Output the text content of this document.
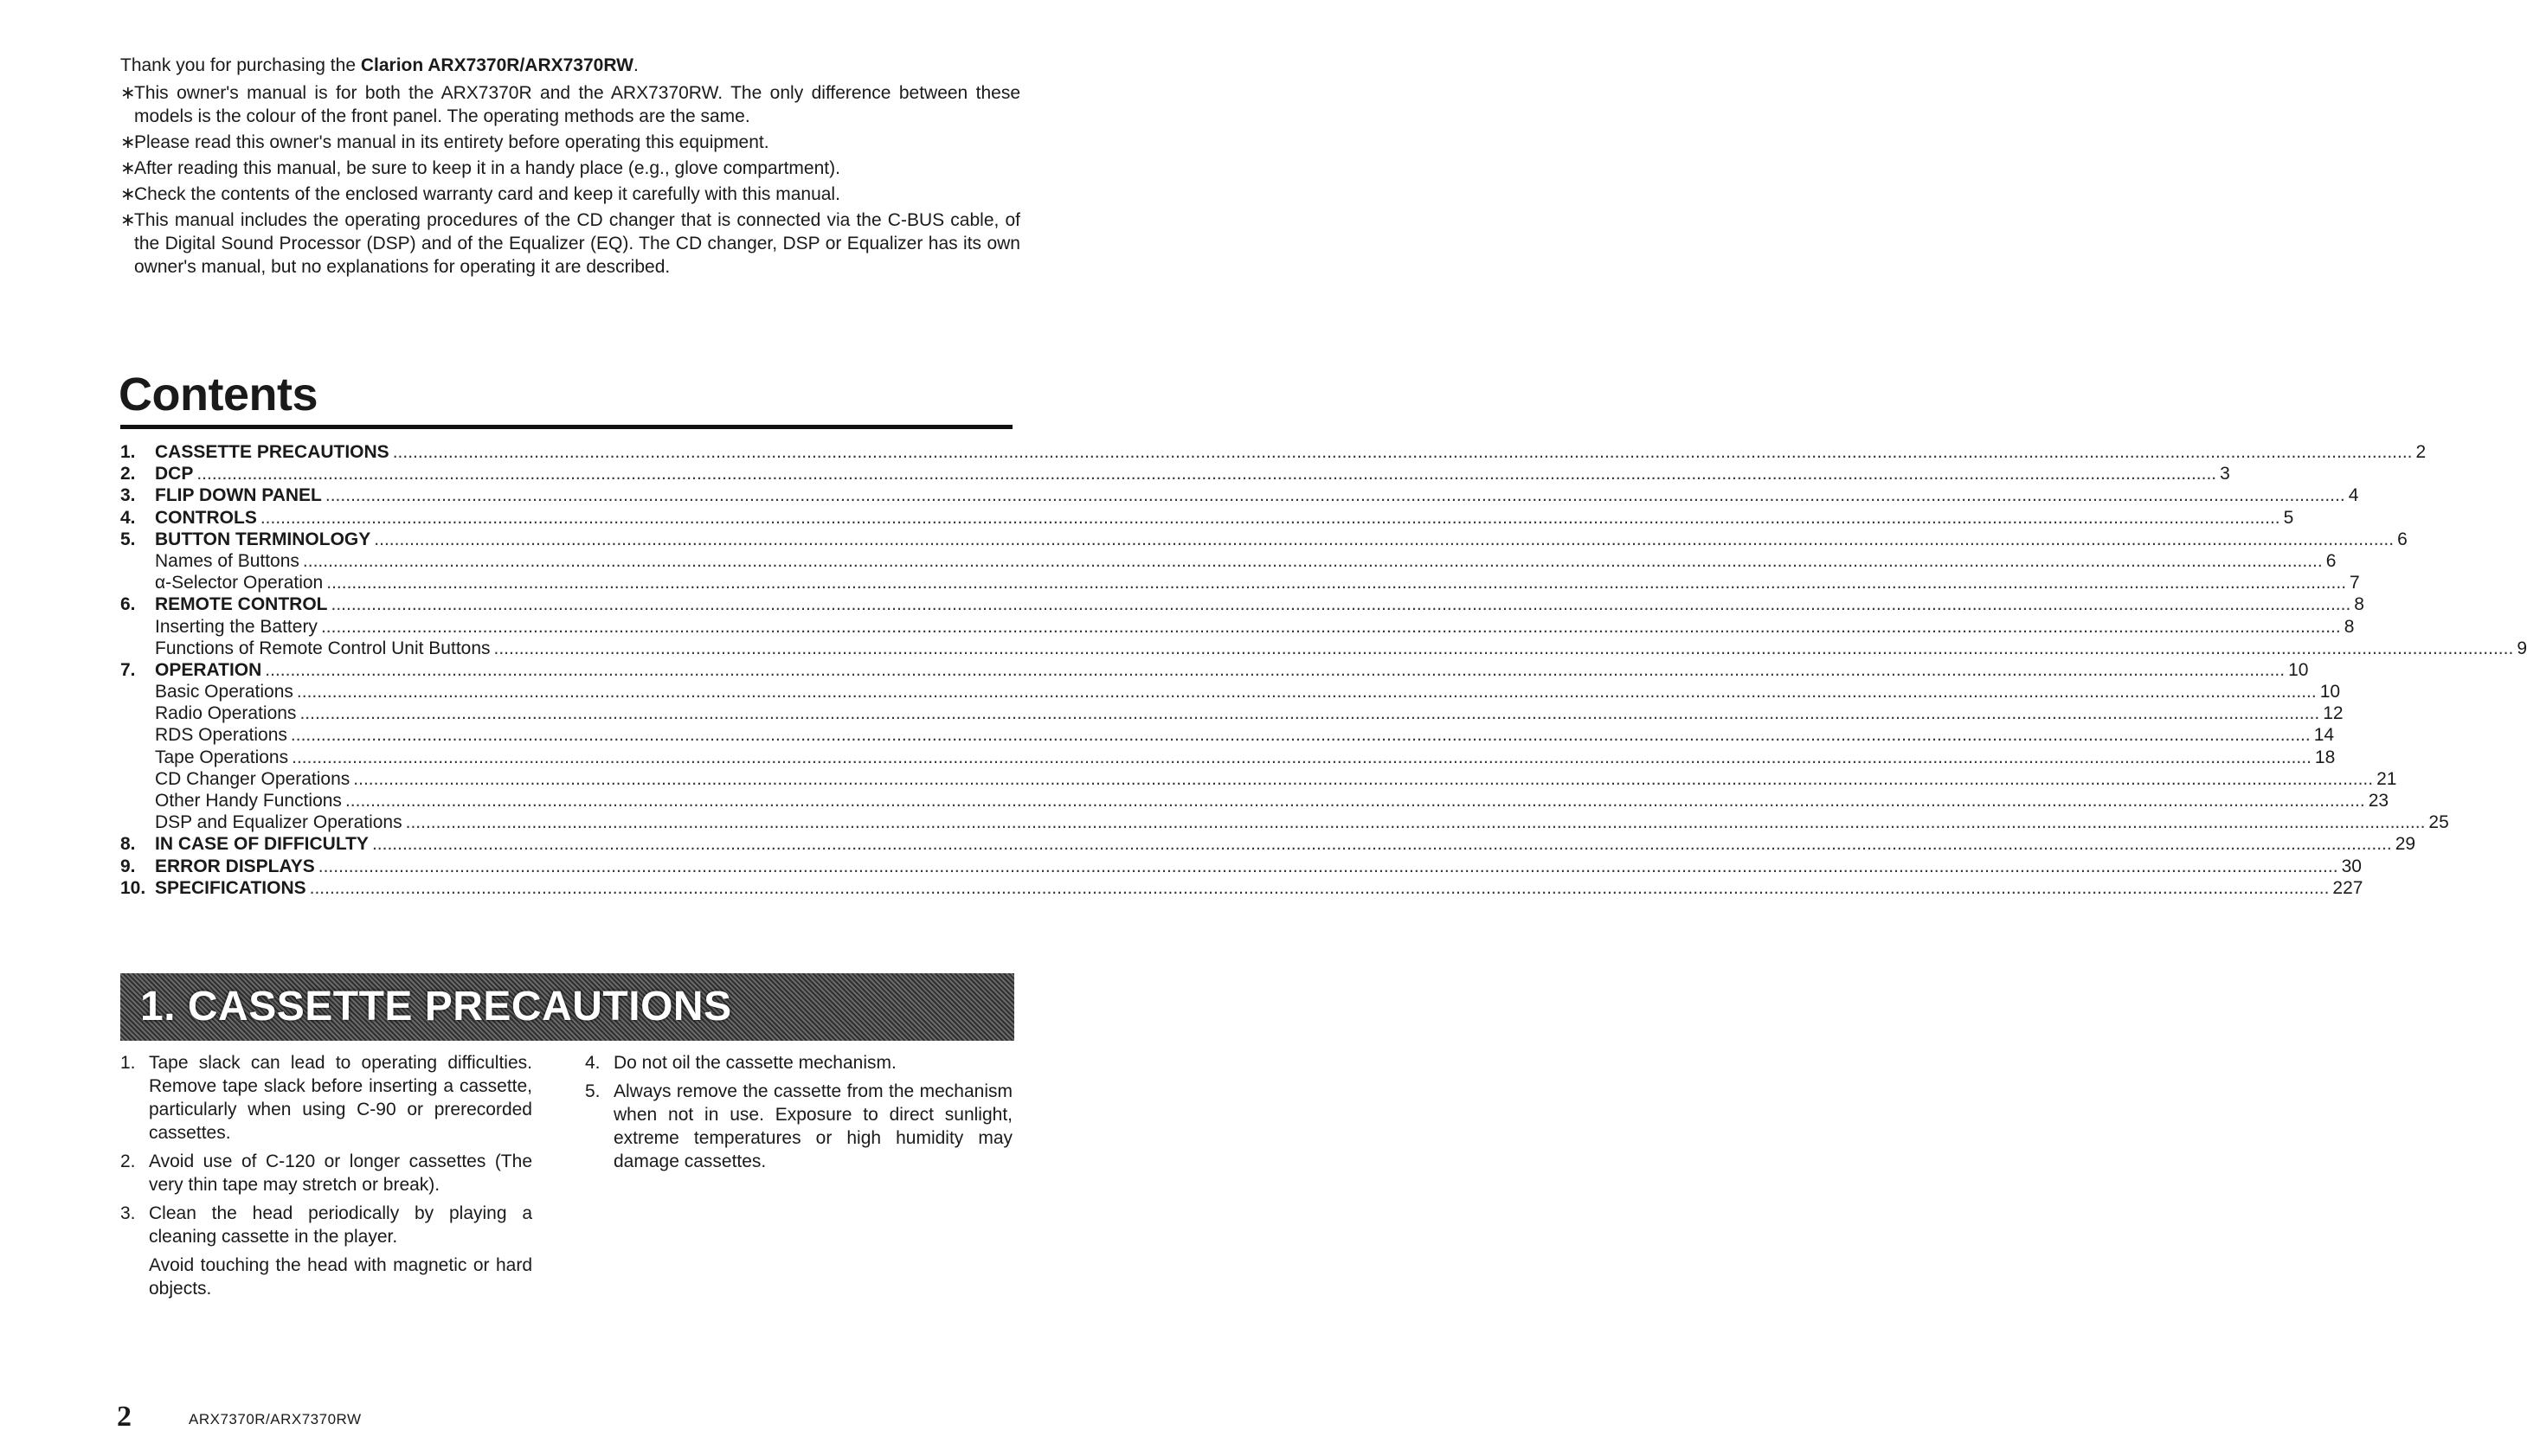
Thank you for purchasing the Clarion ARX7370R/ARX7370RW.

∗
This owner's manual is for both the ARX7370R and the ARX7370RW. The only difference between these models is the colour of the front panel. The operating methods are the same.
∗
Please read this owner's manual in its entirety before operating this equipment.
∗
After reading this manual, be sure to keep it in a handy place (e.g., glove compartment).
∗
Check the contents of the enclosed warranty card and keep it carefully with this manual.
∗
This manual includes the operating procedures of the CD changer that is connected via the C-BUS cable, of the Digital Sound Processor (DSP) and of the Equalizer (EQ). The CD changer, DSP or Equalizer has its own owner's manual, but no explanations for operating it are described.
Contents
1.	CASSETTE PRECAUTIONS ................................................................................................................................................................................................................................................................................................................................................................................................................ 2
2.	DCP ................................................................................................................................................................................................................................................................................................................................................................................................................ 3
3.	FLIP DOWN PANEL ................................................................................................................................................................................................................................................................................................................................................................................................................ 4
4.	CONTROLS ................................................................................................................................................................................................................................................................................................................................................................................................................ 5
5.	BUTTON TERMINOLOGY ................................................................................................................................................................................................................................................................................................................................................................................................................ 6
Names of Buttons ................................................................................................................................................................................................................................................................................................................................................................................................................ 6
α-Selector Operation ................................................................................................................................................................................................................................................................................................................................................................................................................ 7
6.	REMOTE CONTROL ................................................................................................................................................................................................................................................................................................................................................................................................................ 8
Inserting the Battery ................................................................................................................................................................................................................................................................................................................................................................................................................ 8
Functions of Remote Control Unit Buttons ................................................................................................................................................................................................................................................................................................................................................................................................................ 9
7.	OPERATION ................................................................................................................................................................................................................................................................................................................................................................................................................ 10
Basic Operations ................................................................................................................................................................................................................................................................................................................................................................................................................ 10
Radio Operations ................................................................................................................................................................................................................................................................................................................................................................................................................ 12
RDS Operations ................................................................................................................................................................................................................................................................................................................................................................................................................ 14
Tape Operations ................................................................................................................................................................................................................................................................................................................................................................................................................ 18
CD Changer Operations ................................................................................................................................................................................................................................................................................................................................................................................................................ 21
Other Handy Functions ................................................................................................................................................................................................................................................................................................................................................................................................................ 23
DSP and Equalizer Operations ................................................................................................................................................................................................................................................................................................................................................................................................................ 25
8.	IN CASE OF DIFFICULTY ................................................................................................................................................................................................................................................................................................................................................................................................................ 29
9.	ERROR DISPLAYS ................................................................................................................................................................................................................................................................................................................................................................................................................ 30
10. SPECIFICATIONS ................................................................................................................................................................................................................................................................................................................................................................................................................ 227
1. CASSETTE PRECAUTIONS
1. Tape slack can lead to operating difficulties. Remove tape slack before inserting a cassette, particularly when using C-90 or prerecorded cassettes.

2. Avoid use of C-120 or longer cassettes (The very thin tape may stretch or break).

3. Clean the head periodically by playing a cleaning cassette in the player.

Avoid touching the head with magnetic or hard objects.

4. Do not oil the cassette mechanism.

5. Always remove the cassette from the mechanism when not in use. Exposure to direct sunlight, extreme temperatures or high humidity may damage cassettes.

2	ARX7370R/ARX7370RW
